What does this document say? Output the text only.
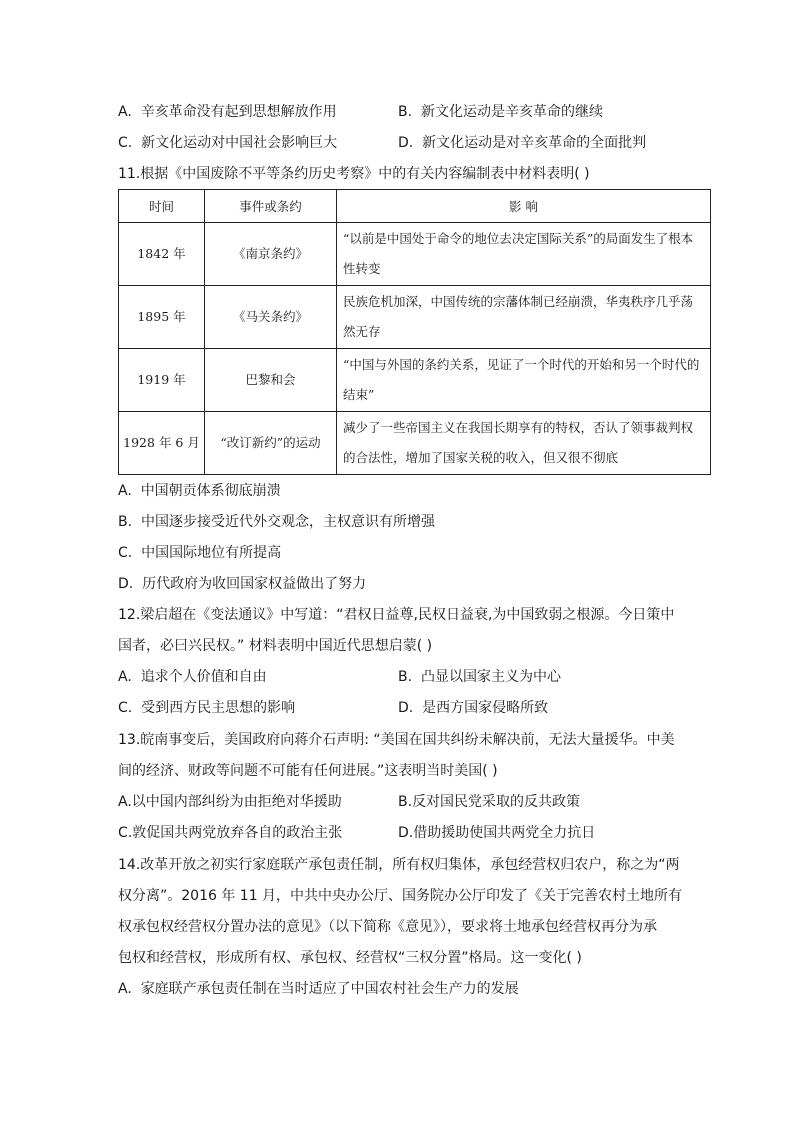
A. 辛亥革命没有起到思想解放作用	B. 新文化运动是辛亥革命的继续
C. 新文化运动对中国社会影响巨大	D. 新文化运动是对辛亥革命的全面批判
11.根据《中国废除不平等条约历史考察》中的有关内容编制表中材料表明( )
时间	事件或条约	影 响
1842 年	《南京条约》	“以前是中国处于命令的地位去决定国际关系”的局面发生了根本性转变
1895 年	《马关条约》	民族危机加深，中国传统的宗藩体制已经崩溃，华夷秩序几乎荡然无存
1919 年	巴黎和会	“中国与外国的条约关系，见证了一个时代的开始和另一个时代的结束”
1928 年 6 月	“改订新约”的运动	减少了一些帝国主义在我国长期享有的特权，否认了领事裁判权的合法性，增加了国家关税的收入，但又很不彻底
A. 中国朝贡体系彻底崩溃
B. 中国逐步接受近代外交观念，主权意识有所增强
C. 中国国际地位有所提高
D. 历代政府为收回国家权益做出了努力
12.梁启超在《变法通议》中写道：“君权日益尊,民权日益衰,为中国致弱之根源。今日策中
国者，必曰兴民权。” 材料表明中国近代思想启蒙( )
A. 追求个人价值和自由	B. 凸显以国家主义为中心
C. 受到西方民主思想的影响	D. 是西方国家侵略所致
13.皖南事变后，美国政府向蒋介石声明: “美国在国共纠纷未解决前，无法大量援华。中美
间的经济、财政等问题不可能有任何进展。”这表明当时美国( )
A.以中国内部纠纷为由拒绝对华援助	B.反对国民党采取的反共政策
C.敦促国共两党放弃各自的政治主张	D.借助援助使国共两党全力抗日
14.改革开放之初实行家庭联产承包责任制，所有权归集体，承包经营权归农户，称之为“两
权分离”。2016 年 11 月，中共中央办公厅、国务院办公厅印发了《关于完善农村土地所有
权承包权经营权分置办法的意见》（以下简称《意见》），要求将土地承包经营权再分为承
包权和经营权，形成所有权、承包权、经营权“三权分置”格局。这一变化( )
A. 家庭联产承包责任制在当时适应了中国农村社会生产力的发展
